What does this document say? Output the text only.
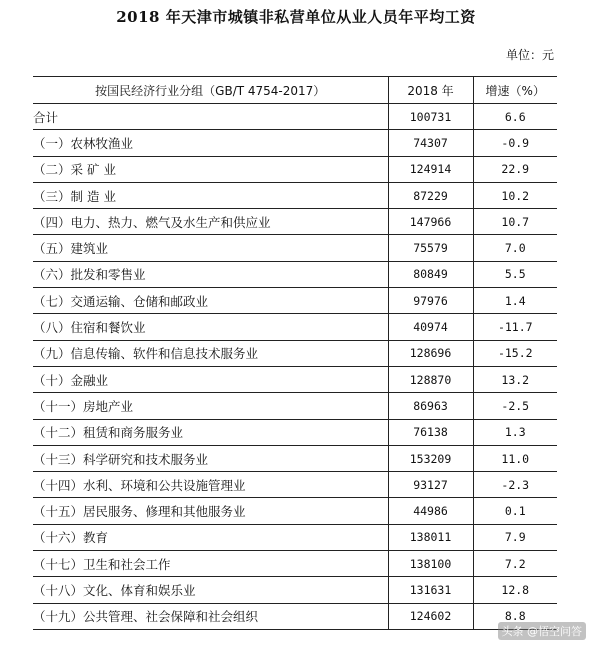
2018 年天津市城镇非私营单位从业人员年平均工资
单位：元
按国民经济行业分组（GB/T 4754-2017）	2018 年	增速（%）
合计	100731	6.6
（一）农林牧渔业	74307	-0.9
（二）采 矿 业	124914	22.9
（三）制 造 业	87229	10.2
（四）电力、热力、燃气及水生产和供应业	147966	10.7
（五）建筑业	75579	7.0
（六）批发和零售业	80849	5.5
（七）交通运输、仓储和邮政业	97976	1.4
（八）住宿和餐饮业	40974	-11.7
（九）信息传输、软件和信息技术服务业	128696	-15.2
（十）金融业	128870	13.2
（十一）房地产业	86963	-2.5
（十二）租赁和商务服务业	76138	1.3
（十三）科学研究和技术服务业	153209	11.0
（十四）水利、环境和公共设施管理业	93127	-2.3
（十五）居民服务、修理和其他服务业	44986	0.1
（十六）教育	138011	7.9
（十七）卫生和社会工作	138100	7.2
（十八）文化、体育和娱乐业	131631	12.8
（十九）公共管理、社会保障和社会组织	124602	8.8
头条 @悟空问答
